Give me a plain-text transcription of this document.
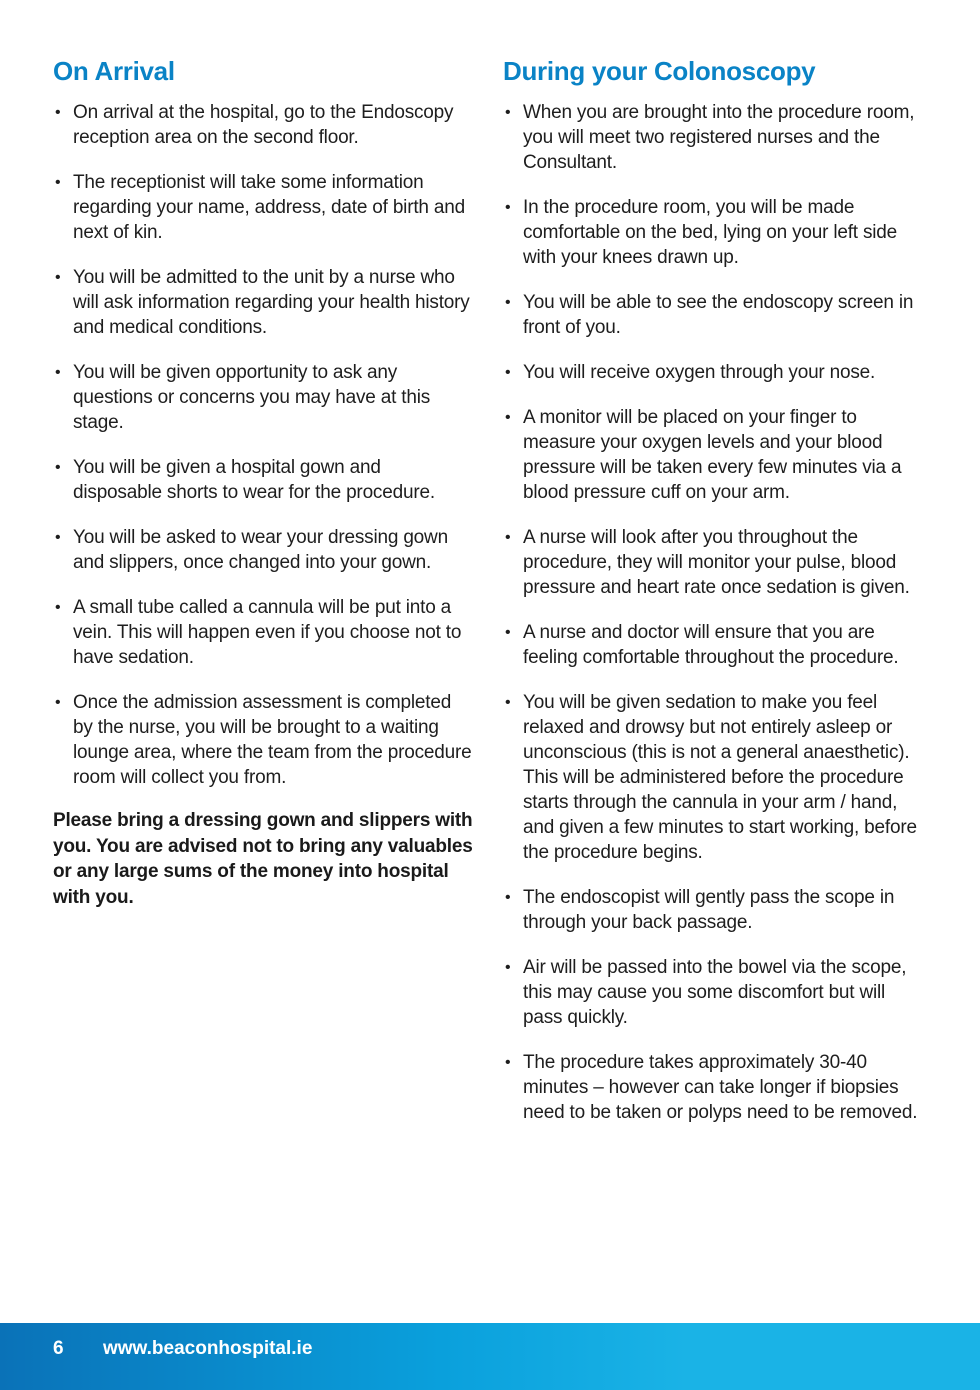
On Arrival
• On arrival at the hospital, go to the Endoscopy reception area on the second floor.
• The receptionist will take some information regarding your name, address, date of birth and next of kin.
• You will be admitted to the unit by a nurse who will ask information regarding your health history and medical conditions.
• You will be given opportunity to ask any questions or concerns you may have at this stage.
• You will be given a hospital gown and disposable shorts to wear for the procedure.
• You will be asked to wear your dressing gown and slippers, once changed into your gown.
• A small tube called a cannula will be put into a vein. This will happen even if you choose not to have sedation.
• Once the admission assessment is completed by the nurse, you will be brought to a waiting lounge area, where the team from the procedure room will collect you from.
Please bring a dressing gown and slippers with you. You are advised not to bring any valuables or any large sums of the money into hospital with you.
During your Colonoscopy
• When you are brought into the procedure room, you will meet two registered nurses and the Consultant.
• In the procedure room, you will be made comfortable on the bed, lying on your left side with your knees drawn up.
• You will be able to see the endoscopy screen in front of you.
• You will receive oxygen through your nose.
• A monitor will be placed on your finger to measure your oxygen levels and your blood pressure will be taken every few minutes via a blood pressure cuff on your arm.
• A nurse will look after you throughout the procedure, they will monitor your pulse, blood pressure and heart rate once sedation is given.
• A nurse and doctor will ensure that you are feeling comfortable throughout the procedure.
• You will be given sedation to make you feel relaxed and drowsy but not entirely asleep or unconscious (this is not a general anaesthetic). This will be administered before the procedure starts through the cannula in your arm / hand, and given a few minutes to start working, before the procedure begins.
• The endoscopist will gently pass the scope in through your back passage.
• Air will be passed into the bowel via the scope, this may cause you some discomfort but will pass quickly.
• The procedure takes approximately 30-40 minutes – however can take longer if biopsies need to be taken or polyps need to be removed.
6 www.beaconhospital.ie
